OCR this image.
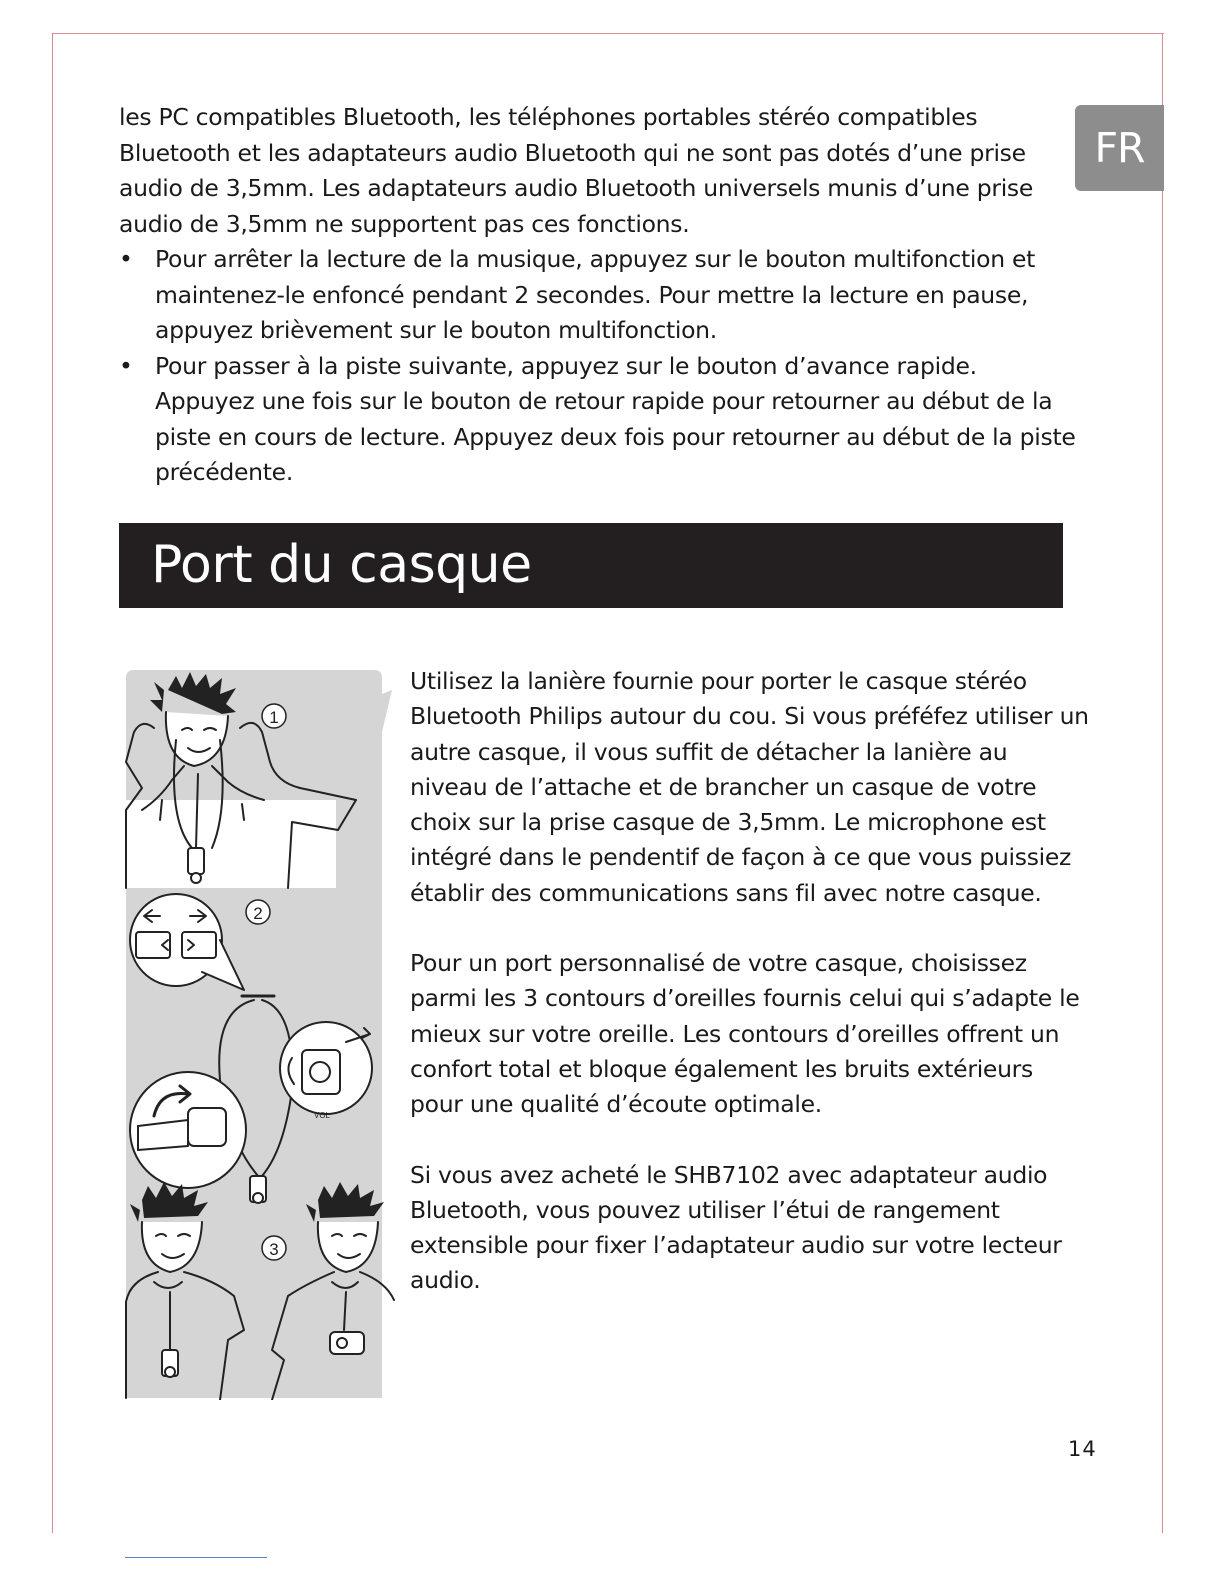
FR

les PC compatibles Bluetooth, les téléphones portables stéréo compatibles Bluetooth et les adaptateurs audio Bluetooth qui ne sont pas dotés d’une prise audio de 3,5mm. Les adaptateurs audio Bluetooth universels munis d’une prise audio de 3,5mm ne supportent pas ces fonctions.

• Pour arrêter la lecture de la musique, appuyez sur le bouton multifonction et maintenez-le enfoncé pendant 2 secondes. Pour mettre la lecture en pause, appuyez brièvement sur le bouton multifonction.
• Pour passer à la piste suivante, appuyez sur le bouton d’avance rapide. Appuyez une fois sur le bouton de retour rapide pour retourner au début de la piste en cours de lecture. Appuyez deux fois pour retourner au début de la piste précédente.
Port du casque
1
2
VOL
3

Utilisez la lanière fournie pour porter le casque stéréo Bluetooth Philips autour du cou. Si vous préféfez utiliser un autre casque, il vous suffit de détacher la lanière au niveau de l’attache et de brancher un casque de votre choix sur la prise casque de 3,5mm. Le microphone est intégré dans le pendentif de façon à ce que vous puissiez établir des communications sans fil avec notre casque.

Pour un port personnalisé de votre casque, choisissez parmi les 3 contours d’oreilles fournis celui qui s’adapte le mieux sur votre oreille. Les contours d’oreilles offrent un confort total et bloque également les bruits extérieurs pour une qualité d’écoute optimale.

Si vous avez acheté le SHB7102 avec adaptateur audio Bluetooth, vous pouvez utiliser l’étui de rangement extensible pour fixer l’adaptateur audio sur votre lecteur audio.

14
